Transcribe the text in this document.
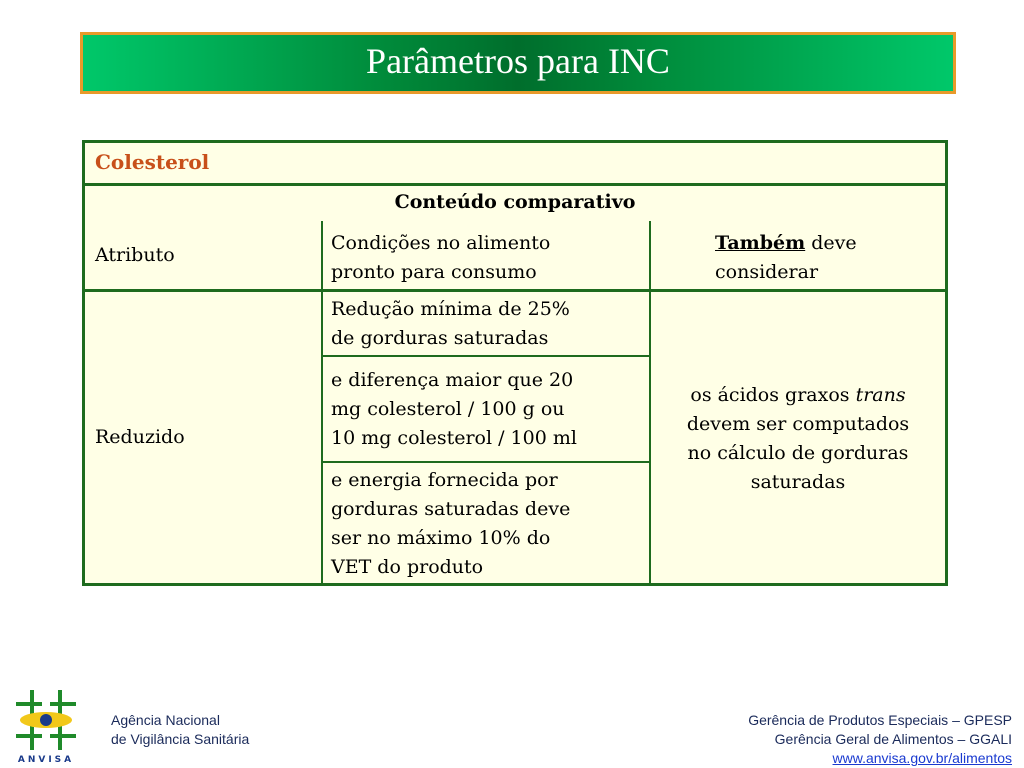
Parâmetros para INC
Colesterol
Conteúdo comparativo
Atributo
Condições no alimento
pronto para consumo
Também deve
considerar
Reduzido
Redução mínima de 25%
de gorduras saturadas
e diferença maior que 20
mg colesterol / 100 g ou
10 mg colesterol / 100 ml
e energia fornecida por
gorduras saturadas deve
ser no máximo 10% do
VET do produto
os ácidos graxos trans
devem ser computados
no cálculo de gorduras
saturadas
ANVISA
Agência Nacional
de Vigilância Sanitária
Gerência de Produtos Especiais – GPESP
Gerência Geral de Alimentos – GGALI
www.anvisa.gov.br/alimentos
